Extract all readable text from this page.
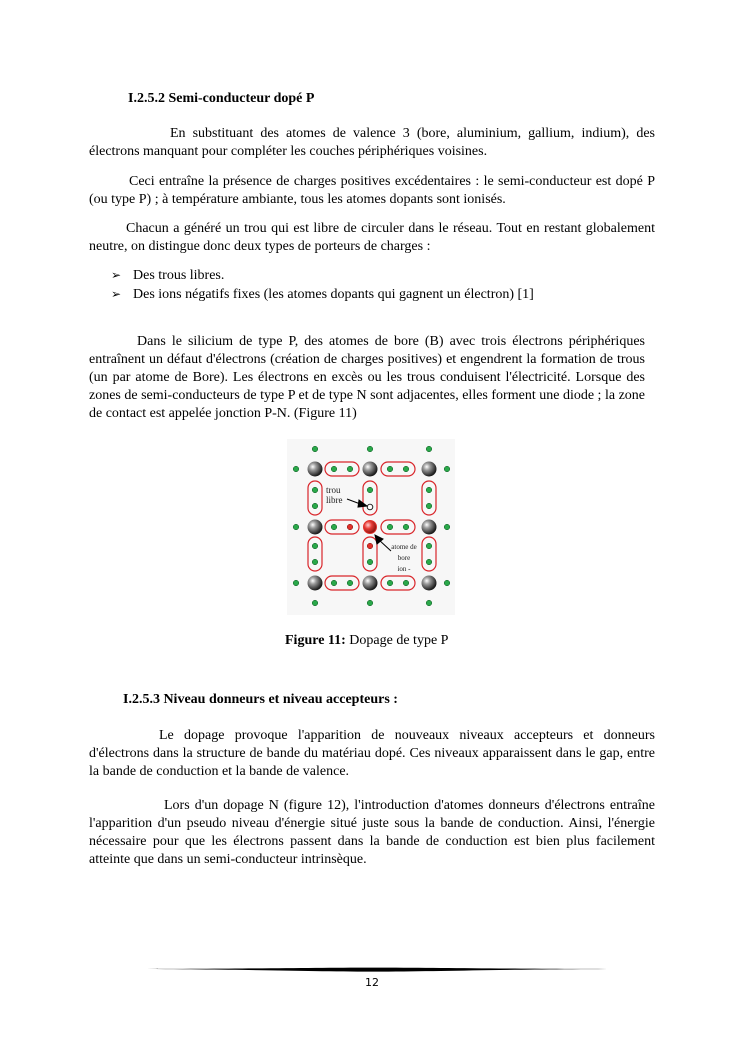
I.2.5.2 Semi-conducteur dopé P
En substituant des atomes de valence 3 (bore, aluminium, gallium, indium), des électrons manquant pour compléter les couches périphériques voisines.
Ceci entraîne la présence de charges positives excédentaires : le semi-conducteur est dopé P (ou type P) ; à température ambiante, tous les atomes dopants sont ionisés.
Chacun a généré un trou qui est libre de circuler dans le réseau. Tout en restant globalement neutre, on distingue donc deux types de porteurs de charges :
➢ Des trous libres.
➢ Des ions négatifs fixes (les atomes dopants qui gagnent un électron) [1]
Dans le silicium de type P, des atomes de bore (B) avec trois électrons périphériques entraînent un défaut d'électrons (création de charges positives) et engendrent la formation de trous (un par atome de Bore). Les électrons en excès ou les trous conduisent l'électricité. Lorsque des zones de semi-conducteurs de type P et de type N sont adjacentes, elles forment une diode ; la zone de contact est appelée jonction P-N. (Figure 11)
trou
libre
atome de
bore
ion -
Figure 11: Dopage de type P
I.2.5.3 Niveau donneurs et niveau accepteurs :
Le dopage provoque l'apparition de nouveaux niveaux accepteurs et donneurs d'électrons dans la structure de bande du matériau dopé. Ces niveaux apparaissent dans le gap, entre la bande de conduction et la bande de valence.
Lors d'un dopage N (figure 12), l'introduction d'atomes donneurs d'électrons entraîne l'apparition d'un pseudo niveau d'énergie situé juste sous la bande de conduction. Ainsi, l'énergie nécessaire pour que les électrons passent dans la bande de conduction est bien plus facilement atteinte que dans un semi-conducteur intrinsèque.
12
